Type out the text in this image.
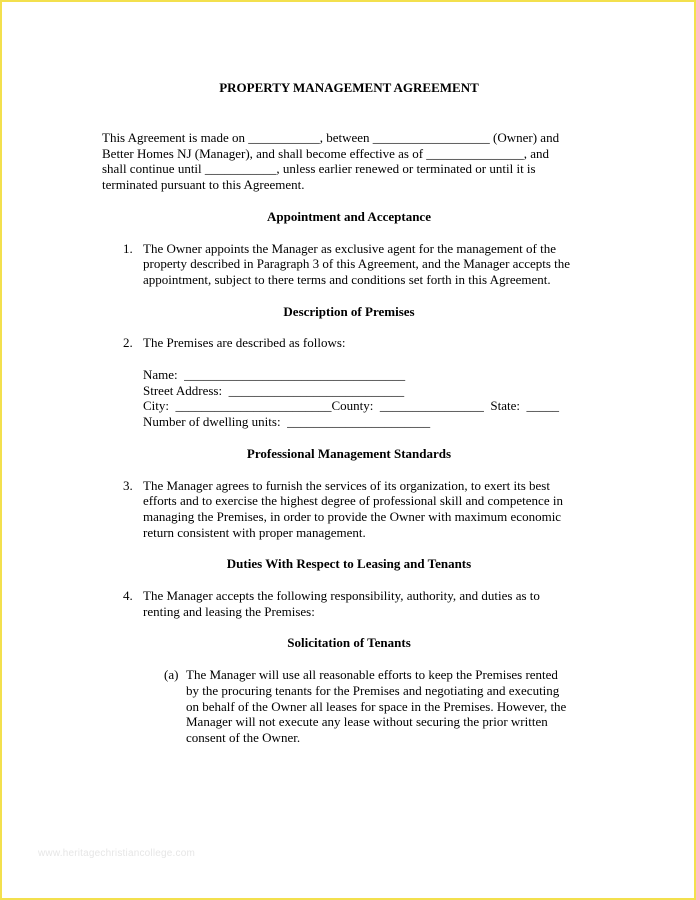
PROPERTY MANAGEMENT AGREEMENT
This Agreement is made on ___________, between __________________ (Owner) and
Better Homes NJ (Manager), and shall become effective as of _______________, and
shall continue until ___________, unless earlier renewed or terminated or until it is
terminated pursuant to this Agreement.
Appointment and Acceptance
1. The Owner appoints the Manager as exclusive agent for the management of the
property described in Paragraph 3 of this Agreement, and the Manager accepts the
appointment, subject to there terms and conditions set forth in this Agreement.
Description of Premises
2. The Premises are described as follows:
Name:  __________________________________
Street Address:  ___________________________
City:  ________________________County:  ________________  State:  _____
Number of dwelling units:  ______________________
Professional Management Standards
3. The Manager agrees to furnish the services of its organization, to exert its best
efforts and to exercise the highest degree of professional skill and competence in
managing the Premises, in order to provide the Owner with maximum economic
return consistent with proper management.
Duties With Respect to Leasing and Tenants
4. The Manager accepts the following responsibility, authority, and duties as to
renting and leasing the Premises:
Solicitation of Tenants
(a) The Manager will use all reasonable efforts to keep the Premises rented
by the procuring tenants for the Premises and negotiating and executing
on behalf of the Owner all leases for space in the Premises. However, the
Manager will not execute any lease without securing the prior written
consent of the Owner.
www.heritagechristiancollege.com
